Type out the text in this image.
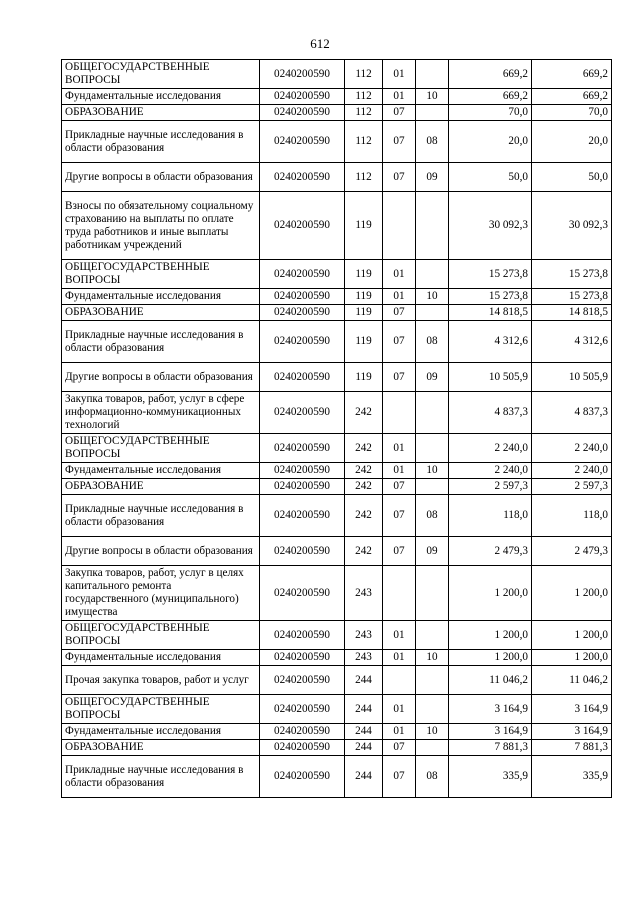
612
ОБЩЕГОСУДАРСТВЕННЫЕ ВОПРОСЫ	0240200590	112	01		669,2	669,2
Фундаментальные исследования	0240200590	112	01	10	669,2	669,2
ОБРАЗОВАНИЕ	0240200590	112	07		70,0	70,0
Прикладные научные исследования в области образования	0240200590	112	07	08	20,0	20,0
Другие вопросы в области образования	0240200590	112	07	09	50,0	50,0
Взносы по обязательному социальному страхованию на выплаты по оплате труда работников и иные выплаты работникам учреждений	0240200590	119			30 092,3	30 092,3
ОБЩЕГОСУДАРСТВЕННЫЕ ВОПРОСЫ	0240200590	119	01		15 273,8	15 273,8
Фундаментальные исследования	0240200590	119	01	10	15 273,8	15 273,8
ОБРАЗОВАНИЕ	0240200590	119	07		14 818,5	14 818,5
Прикладные научные исследования в области образования	0240200590	119	07	08	4 312,6	4 312,6
Другие вопросы в области образования	0240200590	119	07	09	10 505,9	10 505,9
Закупка товаров, работ, услуг в сфере информационно-коммуникационных технологий	0240200590	242			4 837,3	4 837,3
ОБЩЕГОСУДАРСТВЕННЫЕ ВОПРОСЫ	0240200590	242	01		2 240,0	2 240,0
Фундаментальные исследования	0240200590	242	01	10	2 240,0	2 240,0
ОБРАЗОВАНИЕ	0240200590	242	07		2 597,3	2 597,3
Прикладные научные исследования в области образования	0240200590	242	07	08	118,0	118,0
Другие вопросы в области образования	0240200590	242	07	09	2 479,3	2 479,3
Закупка товаров, работ, услуг в целях капитального ремонта государственного (муниципального) имущества	0240200590	243			1 200,0	1 200,0
ОБЩЕГОСУДАРСТВЕННЫЕ ВОПРОСЫ	0240200590	243	01		1 200,0	1 200,0
Фундаментальные исследования	0240200590	243	01	10	1 200,0	1 200,0
Прочая закупка товаров, работ и услуг	0240200590	244			11 046,2	11 046,2
ОБЩЕГОСУДАРСТВЕННЫЕ ВОПРОСЫ	0240200590	244	01		3 164,9	3 164,9
Фундаментальные исследования	0240200590	244	01	10	3 164,9	3 164,9
ОБРАЗОВАНИЕ	0240200590	244	07		7 881,3	7 881,3
Прикладные научные исследования в области образования	0240200590	244	07	08	335,9	335,9
